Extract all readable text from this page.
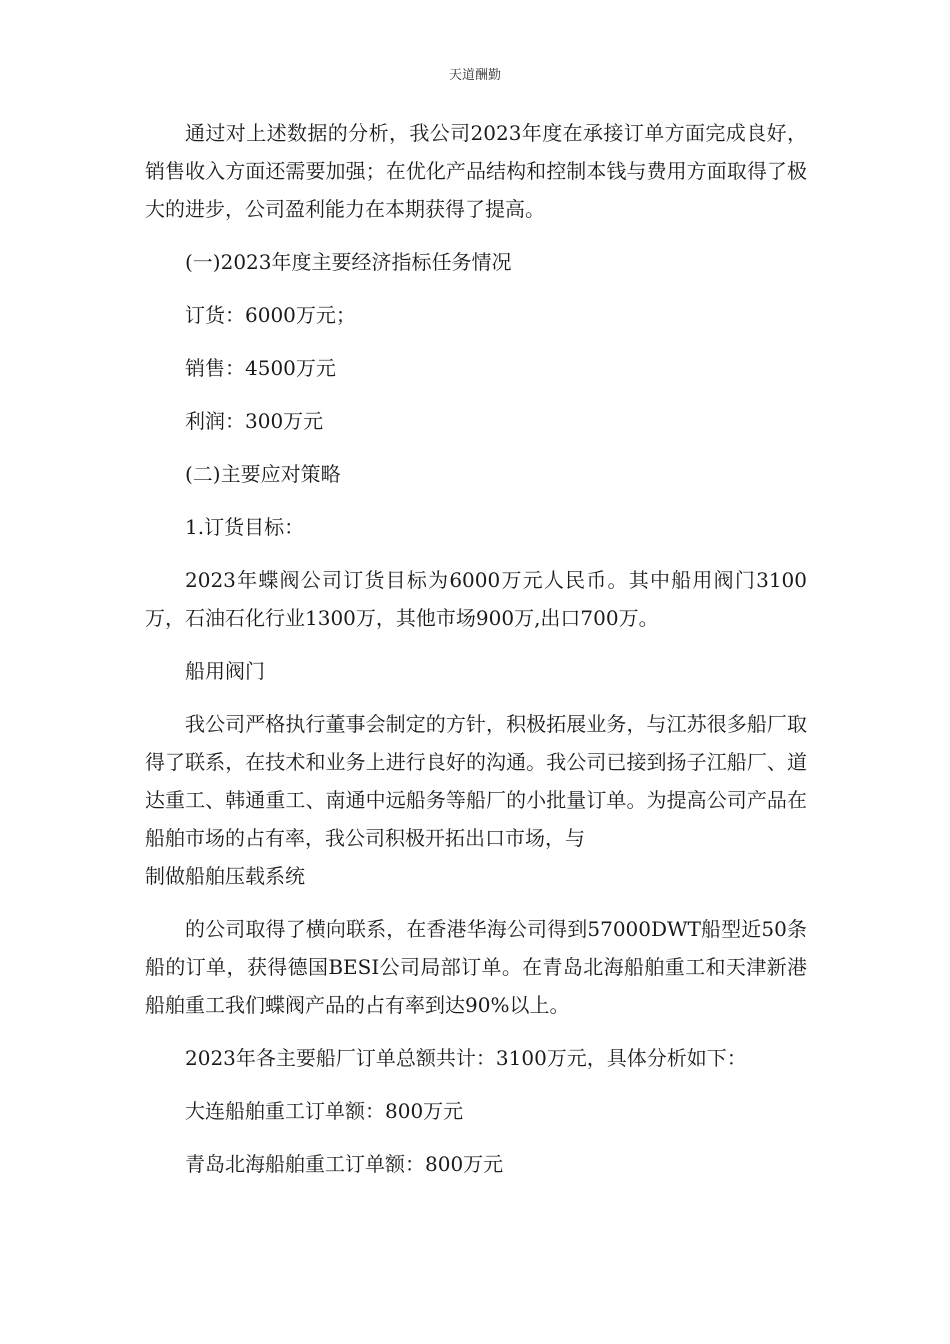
天道酬勤

通过对上述数据的分析，我公司2023年度在承接订单方面完成良好，销售收入方面还需要加强；在优化产品结构和控制本钱与费用方面取得了极大的进步，公司盈利能力在本期获得了提高。

(一)2023年度主要经济指标任务情况

订货：6000万元；

销售：4500万元

利润：300万元

(二)主要应对策略

1.订货目标：

2023年蝶阀公司订货目标为6000万元人民币。其中船用阀门3100万，石油石化行业1300万，其他市场900万,出口700万。

船用阀门

我公司严格执行董事会制定的方针，积极拓展业务，与江苏很多船厂取得了联系，在技术和业务上进行良好的沟通。我公司已接到扬子江船厂、道达重工、韩通重工、南通中远船务等船厂的小批量订单。为提高公司产品在船舶市场的占有率，我公司积极开拓出口市场，与

制做船舶压载系统

的公司取得了横向联系，在香港华海公司得到57000DWT船型近50条船的订单，获得德国BESI公司局部订单。在青岛北海船舶重工和天津新港船舶重工我们蝶阀产品的占有率到达90%以上。

2023年各主要船厂订单总额共计：3100万元，具体分析如下：

大连船舶重工订单额：800万元

青岛北海船舶重工订单额：800万元
